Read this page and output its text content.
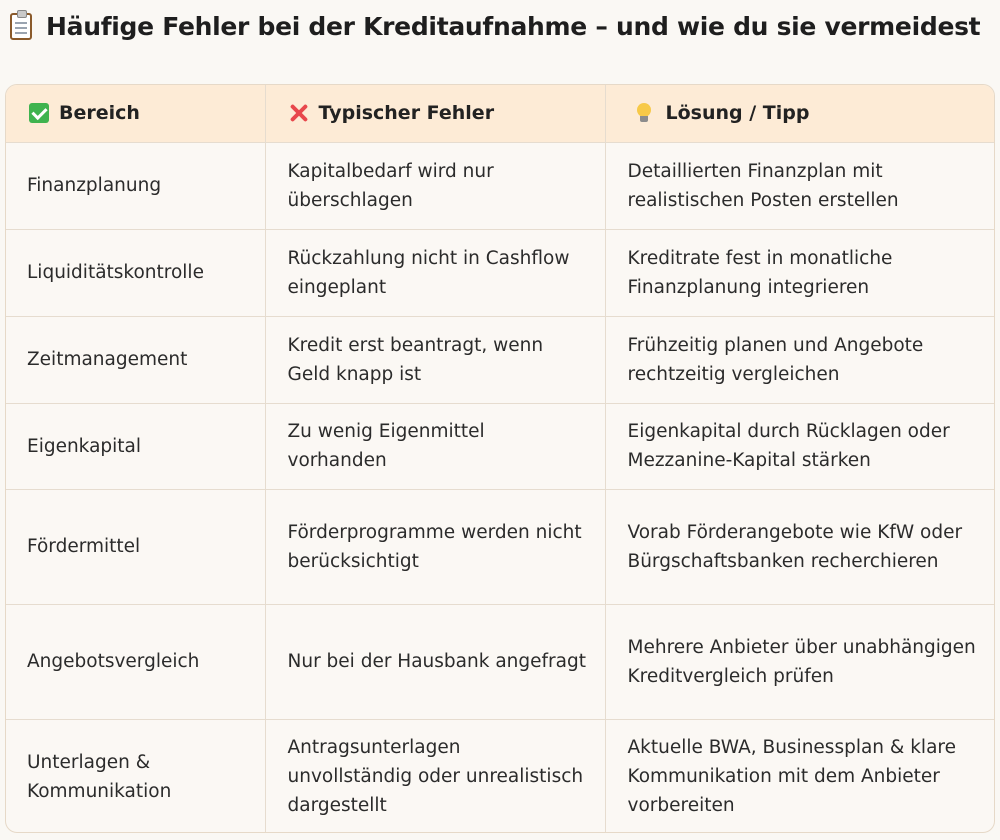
Häufige Fehler bei der Kreditaufnahme – und wie du sie vermeidest
Bereich	Typischer Fehler	Lösung / Tipp

Finanzplanung	Kapitalbedarf wird nur überschlagen	Detaillierten Finanzplan mit realistischen Posten erstellen
Liquiditätskontrolle	Rückzahlung nicht in Cashflow eingeplant	Kreditrate fest in monatliche Finanzplanung integrieren
Zeitmanagement	Kredit erst beantragt, wenn Geld knapp ist	Frühzeitig planen und Angebote rechtzeitig vergleichen
Eigenkapital	Zu wenig Eigenmittel vorhanden	Eigenkapital durch Rücklagen oder Mezzanine-Kapital stärken
Fördermittel	Förderprogramme werden nicht berücksichtigt	Vorab Förderangebote wie KfW oder Bürgschaftsbanken recherchieren
Angebotsvergleich	Nur bei der Hausbank angefragt	Mehrere Anbieter über unabhängigen Kreditvergleich prüfen
Unterlagen & Kommunikation	Antragsunterlagen unvollständig oder unrealistisch dargestellt	Aktuelle BWA, Businessplan & klare Kommunikation mit dem Anbieter vorbereiten
